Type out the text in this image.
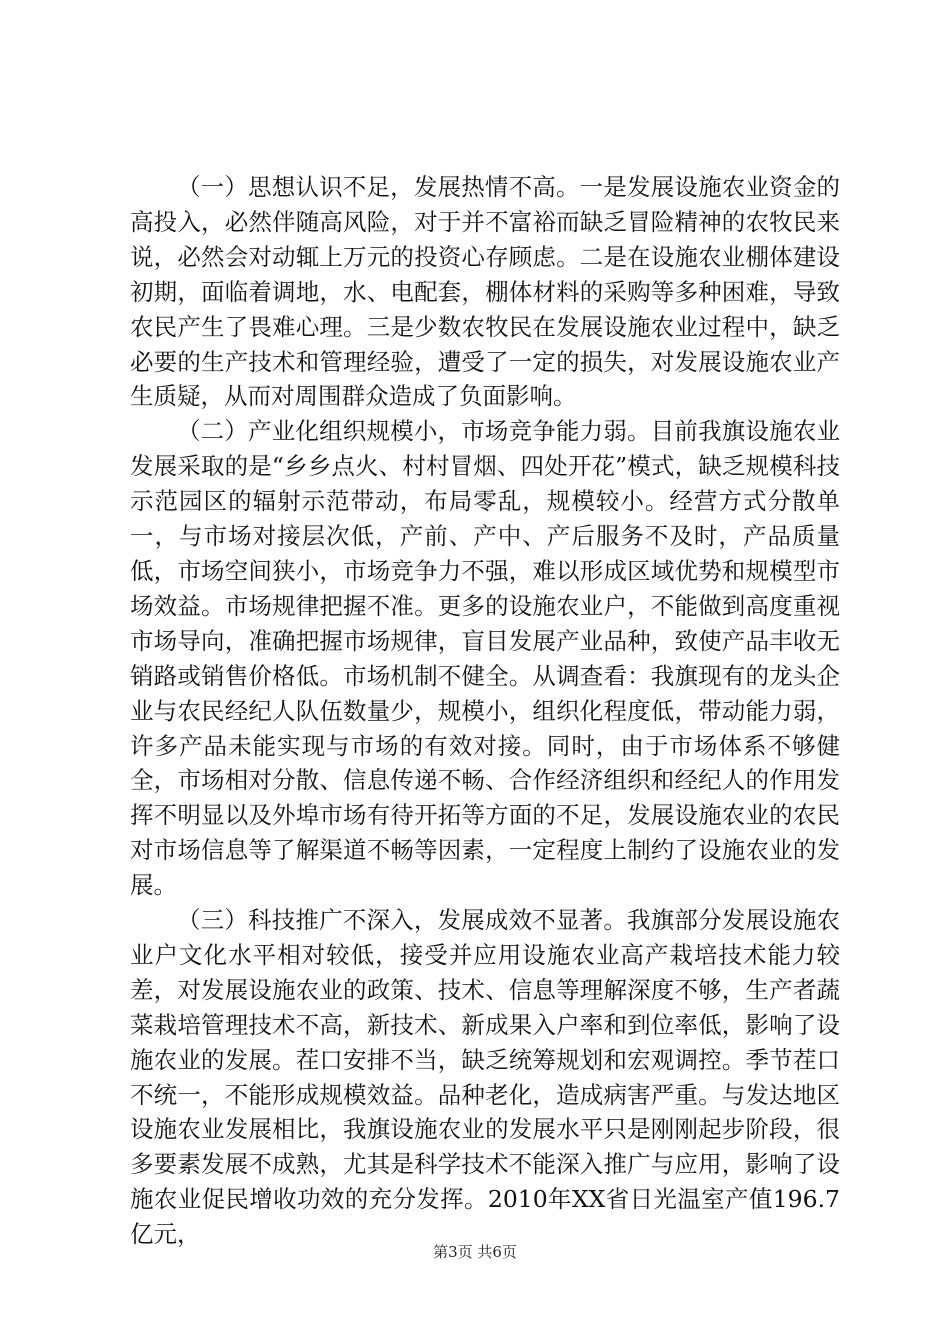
（一）思想认识不足，发展热情不高。一是发展设施农业资金的高投入，必然伴随高风险，对于并不富裕而缺乏冒险精神的农牧民来说，必然会对动辄上万元的投资心存顾虑。二是在设施农业棚体建设初期，面临着调地，水、电配套，棚体材料的采购等多种困难，导致农民产生了畏难心理。三是少数农牧民在发展设施农业过程中，缺乏必要的生产技术和管理经验，遭受了一定的损失，对发展设施农业产生质疑，从而对周围群众造成了负面影响。

（二）产业化组织规模小，市场竞争能力弱。目前我旗设施农业发展采取的是“乡乡点火、村村冒烟、四处开花”模式，缺乏规模科技示范园区的辐射示范带动，布局零乱，规模较小。经营方式分散单一，与市场对接层次低，产前、产中、产后服务不及时，产品质量低，市场空间狭小，市场竞争力不强，难以形成区域优势和规模型市场效益。市场规律把握不准。更多的设施农业户，不能做到高度重视市场导向，准确把握市场规律，盲目发展产业品种，致使产品丰收无销路或销售价格低。市场机制不健全。从调查看：我旗现有的龙头企业与农民经纪人队伍数量少，规模小，组织化程度低，带动能力弱，许多产品未能实现与市场的有效对接。同时，由于市场体系不够健全，市场相对分散、信息传递不畅、合作经济组织和经纪人的作用发挥不明显以及外埠市场有待开拓等方面的不足，发展设施农业的农民对市场信息等了解渠道不畅等因素，一定程度上制约了设施农业的发展。

（三）科技推广不深入，发展成效不显著。我旗部分发展设施农业户文化水平相对较低，接受并应用设施农业高产栽培技术能力较差，对发展设施农业的政策、技术、信息等理解深度不够，生产者蔬菜栽培管理技术不高，新技术、新成果入户率和到位率低，影响了设施农业的发展。茬口安排不当，缺乏统筹规划和宏观调控。季节茬口不统一，不能形成规模效益。品种老化，造成病害严重。与发达地区设施农业发展相比，我旗设施农业的发展水平只是刚刚起步阶段，很多要素发展不成熟，尤其是科学技术不能深入推广与应用，影响了设施农业促民增收功效的充分发挥。2010年XX省日光温室产值196.7亿元，

第3页 共6页
